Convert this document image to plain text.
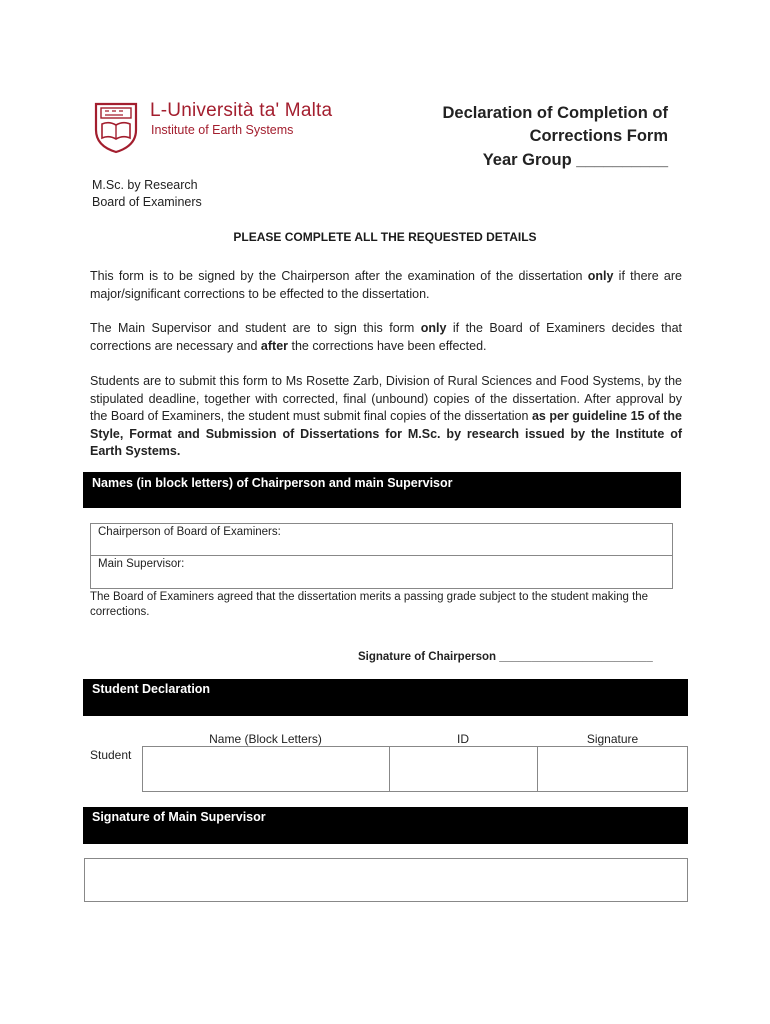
L-Università ta' Malta
Institute of Earth Systems
Declaration of Completion of
Corrections Form
Year Group __________
M.Sc. by Research
Board of Examiners
PLEASE COMPLETE ALL THE REQUESTED DETAILS
This form is to be signed by the Chairperson after the examination of the dissertation only if there are major/significant corrections to be effected to the dissertation.
The Main Supervisor and student are to sign this form only if the Board of Examiners decides that corrections are necessary and after the corrections have been effected.
Students are to submit this form to Ms Rosette Zarb, Division of Rural Sciences and Food Systems, by the stipulated deadline, together with corrected, final (unbound) copies of the dissertation. After approval by the Board of Examiners, the student must submit final copies of the dissertation as per guideline 15 of the Style, Format and Submission of Dissertations for M.Sc. by research issued by the Institute of Earth Systems.
Names (in block letters) of Chairperson and main Supervisor
Chairperson of Board of Examiners:
Main Supervisor:
The Board of Examiners agreed that the dissertation merits a passing grade subject to the student making the corrections.
Signature of Chairperson ________________________
Student Declaration
Name (Block Letters)	ID	Signature
Student
Signature of Main Supervisor
